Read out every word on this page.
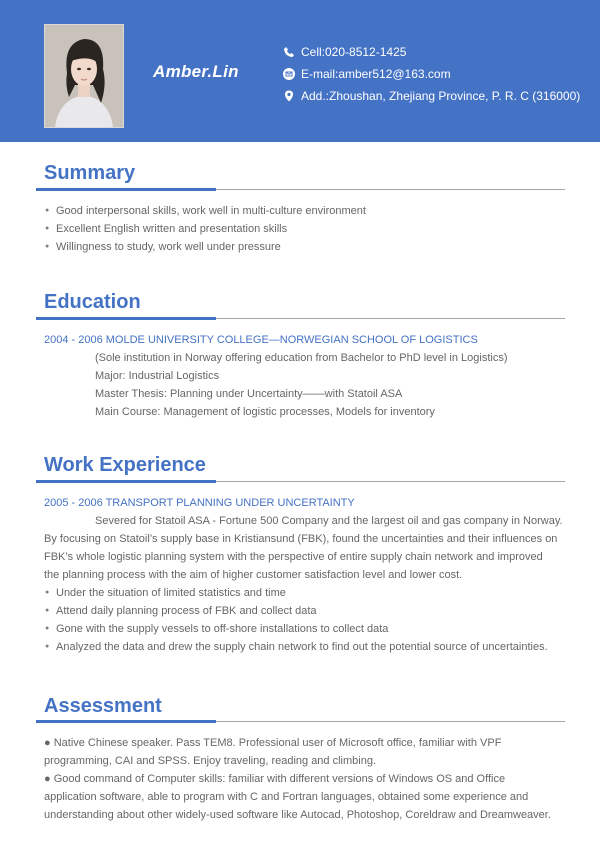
Amber.Lin
Cell:020-8512-1425
E-mail:amber512@163.com
Add.:Zhoushan, Zhejiang Province, P. R. C (316000)
Summary
● Good interpersonal skills, work well in multi-culture environment
● Excellent English written and presentation skills
● Willingness to study, work well under pressure
Education
2004 - 2006 MOLDE UNIVERSITY COLLEGE—NORWEGIAN SCHOOL OF LOGISTICS
(Sole institution in Norway offering education from Bachelor to PhD level in Logistics)
Major: Industrial Logistics
Master Thesis: Planning under Uncertainty——with Statoil ASA
Main Course: Management of logistic processes, Models for inventory
Work Experience
2005 - 2006 TRANSPORT PLANNING UNDER UNCERTAINTY
Severed for Statoil ASA - Fortune 500 Company and the largest oil and gas company in Norway.
By focusing on Statoil’s supply base in Kristiansund (FBK), found the uncertainties and their influences on
FBK’s whole logistic planning system with the perspective of entire supply chain network and improved
the planning process with the aim of higher customer satisfaction level and lower cost.
● Under the situation of limited statistics and time
● Attend daily planning process of FBK and collect data
● Gone with the supply vessels to off-shore installations to collect data
● Analyzed the data and drew the supply chain network to find out the potential source of uncertainties.
Assessment
● Native Chinese speaker. Pass TEM8. Professional user of Microsoft office, familiar with VPF
programming, CAI and SPSS. Enjoy traveling, reading and climbing.
● Good command of Computer skills: familiar with different versions of Windows OS and Office
application software, able to program with C and Fortran languages, obtained some experience and
understanding about other widely-used software like Autocad, Photoshop, Coreldraw and Dreamweaver.
